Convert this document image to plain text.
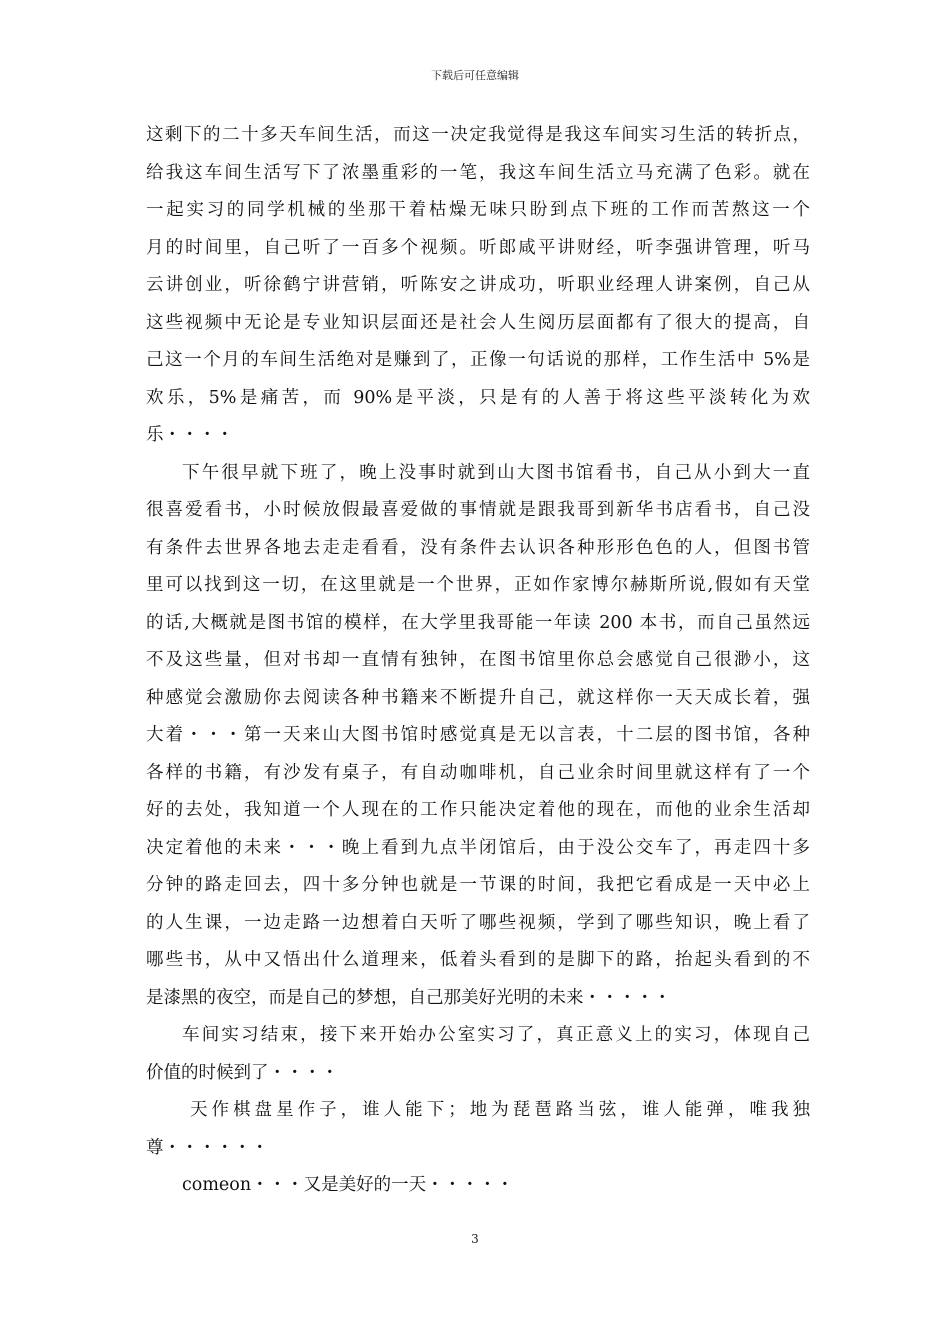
下载后可任意编辑
这剩下的二十多天车间生活，而这一决定我觉得是我这车间实习生活的转折点，
给我这车间生活写下了浓墨重彩的一笔，我这车间生活立马充满了色彩。就在
一起实习的同学机械的坐那干着枯燥无味只盼到点下班的工作而苦熬这一个
月的时间里，自己听了一百多个视频。听郎咸平讲财经，听李强讲管理，听马
云讲创业，听徐鹤宁讲营销，听陈安之讲成功，听职业经理人讲案例，自己从
这些视频中无论是专业知识层面还是社会人生阅历层面都有了很大的提高，自
己这一个月的车间生活绝对是赚到了，正像一句话说的那样，工作生活中 5%是
欢乐，5%是痛苦，而 90%是平淡，只是有的人善于将这些平淡转化为欢
乐・・・・
下午很早就下班了，晚上没事时就到山大图书馆看书，自己从小到大一直
很喜爱看书，小时候放假最喜爱做的事情就是跟我哥到新华书店看书，自己没
有条件去世界各地去走走看看，没有条件去认识各种形形色色的人，但图书管
里可以找到这一切，在这里就是一个世界，正如作家博尔赫斯所说,假如有天堂
的话,大概就是图书馆的模样，在大学里我哥能一年读 200 本书，而自己虽然远
不及这些量，但对书却一直情有独钟，在图书馆里你总会感觉自己很渺小，这
种感觉会激励你去阅读各种书籍来不断提升自己，就这样你一天天成长着，强
大着・・・第一天来山大图书馆时感觉真是无以言表，十二层的图书馆，各种
各样的书籍，有沙发有桌子，有自动咖啡机，自己业余时间里就这样有了一个
好的去处，我知道一个人现在的工作只能决定着他的现在，而他的业余生活却
决定着他的未来・・・晚上看到九点半闭馆后，由于没公交车了，再走四十多
分钟的路走回去，四十多分钟也就是一节课的时间，我把它看成是一天中必上
的人生课，一边走路一边想着白天听了哪些视频，学到了哪些知识，晚上看了
哪些书，从中又悟出什么道理来，低着头看到的是脚下的路，抬起头看到的不
是漆黑的夜空，而是自己的梦想，自己那美好光明的未来・・・・・
车间实习结束，接下来开始办公室实习了，真正意义上的实习，体现自己
价值的时候到了・・・・
天作棋盘星作子，谁人能下；地为琵琶路当弦，谁人能弹，唯我独
尊・・・・・・
comeon・・・又是美好的一天・・・・・
3
